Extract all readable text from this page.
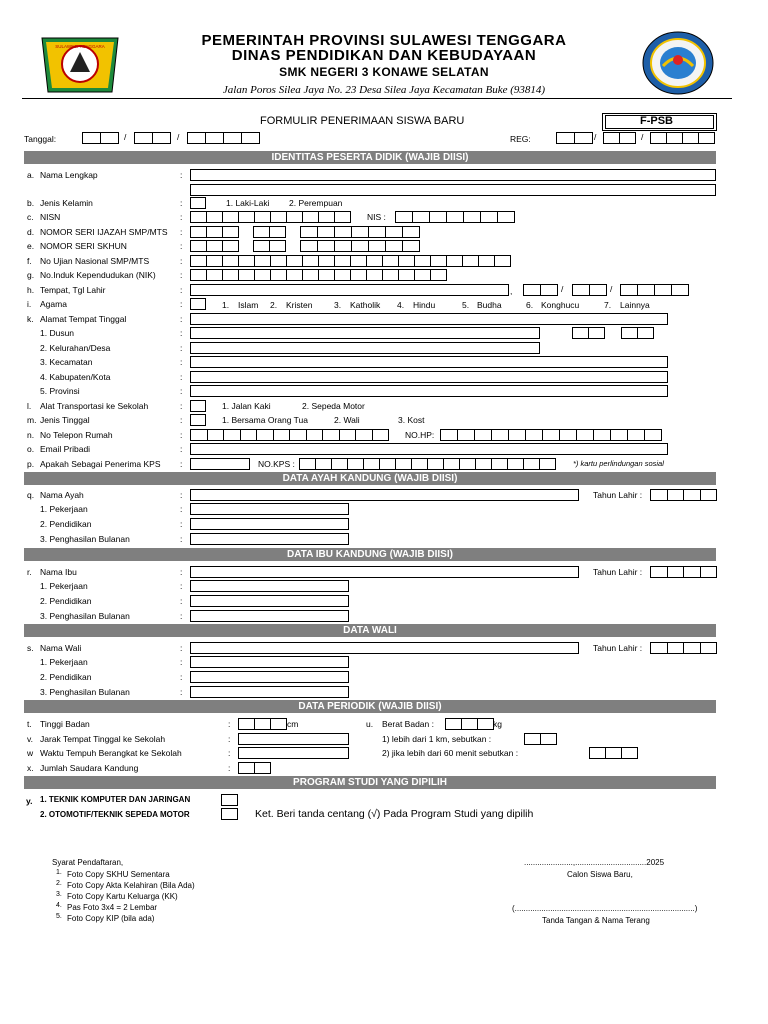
SULAWESI TENGGARA	PEMERINTAH PROVINSI SULAWESI TENGGARA
DINAS PENDIDIKAN DAN KEBUDAYAAN
SMK NEGERI 3 KONAWE SELATAN
Jalan Poros Silea Jaya No. 23 Desa Silea Jaya Kecamatan Buke (93814)
FORMULIR PENERIMAAN SISWA BARU	F-PSB
Tanggal:	/	/	/	/
REG:
IDENTITAS PESERTA DIDIK (WAJIB DIISI)
a. Nama Lengkap	:
b. Jenis Kelamin	:	1. Laki-Laki 2. Perempuan
c. NISN	:	NIS :
d. NOMOR SERI IJAZAH SMP/MTS :
e. NOMOR SERI SKHUN	:
f. No Ujian Nasional SMP/MTS	:
g. No.Induk Kependudukan (NIK)	:
h. Tempat, Tgl Lahir	:	,	/	/
i. Agama	:	1. Islam 2. Kristen	3. Katholik 4. Hindu	5. Budha	6. Konghucu	7. Lainnya
k. Alamat Tempat Tinggal	:
1. Dusun	:
2. Kelurahan/Desa	:
3. Kecamatan	:
4. Kabupaten/Kota	:
5. Provinsi	:
l. Alat Transportasi ke Sekolah	:	1. Jalan Kaki	2. Sepeda Motor
m. Jenis Tinggal	:	1. Bersama Orang Tua	2. Wali	3. Kost
n. No Telepon Rumah	:	NO.HP:
o. Email Pribadi	:
p. Apakah Sebagai Penerima KPS :	NO.KPS :	*) kartu perlindungan sosial
DATA AYAH KANDUNG (WAJIB DIISI)
DATA IBU KANDUNG (WAJIB DIISI)
DATA WALI
DATA PERIODIK (WAJIB DIISI)
PROGRAM STUDI YANG DIPILIH
q. Nama Ayah	:	Tahun Lahir :
1. Pekerjaan	:
2. Pendidikan	:
3. Penghasilan Bulanan	:
r. Nama Ibu	:	Tahun Lahir :
1. Pekerjaan	:
2. Pendidikan	:
3. Penghasilan Bulanan	:
s. Nama Wali	:	Tahun Lahir :
1. Pekerjaan	:
2. Pendidikan	:
3. Penghasilan Bulanan	:
t. Tinggi Badan	:	cm	u. Berat Badan :	kg
v. Jarak Tempat Tinggal ke Sekolah	:	1) lebih dari 1 km, sebutkan :
w Waktu Tempuh Berangkat ke Sekolah	:	2) jika lebih dari 60 menit sebutkan :
x. Jumlah Saudara Kandung	:
y. 1. TEKNIK KOMPUTER DAN JARINGAN
2. OTOMOTIF/TEKNIK SEPEDA MOTOR	Ket. Beri tanda centang (√) Pada Program Studi yang dipilih
Syarat Pendaftaran,
1. Foto Copy SKHU Sementara
2. Foto Copy Akta Kelahiran (Bila Ada)
3. Foto Copy Kartu Keluarga (KK)
4. Pas Foto 3x4 = 2 Lembar
5. Foto Copy KIP (bila ada)
......................,................................2025
Calon Siswa Baru,
(.................................................................................)
Tanda Tangan & Nama Terang
